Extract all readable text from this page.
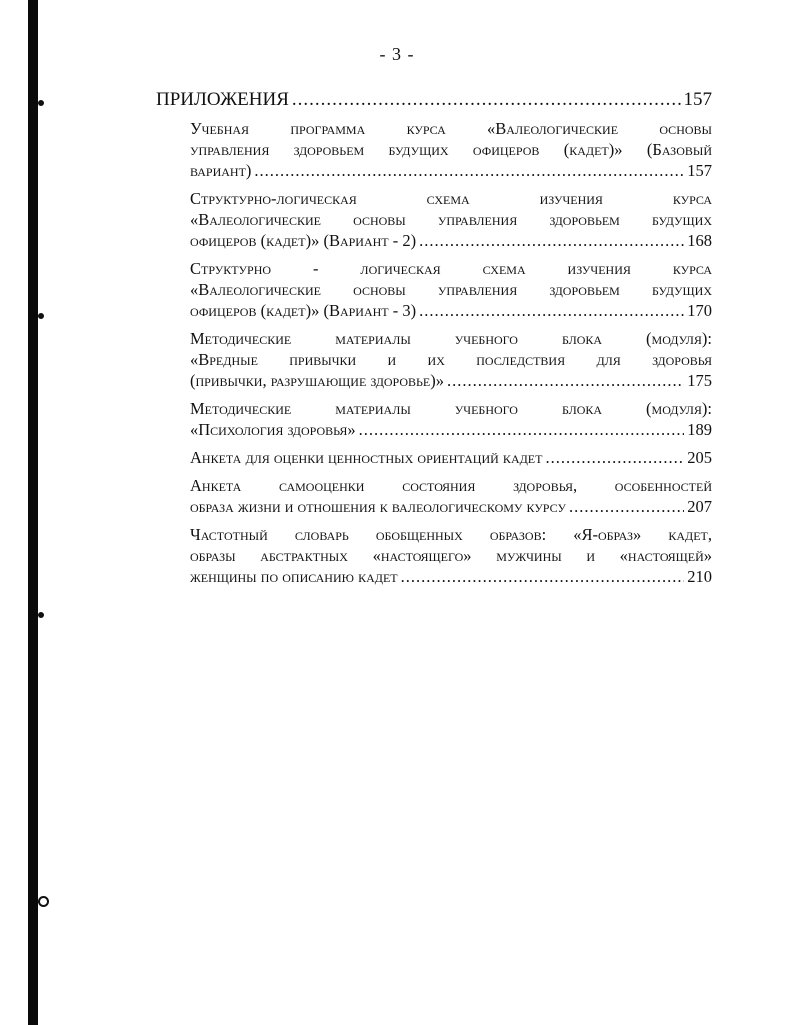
- 3 -
ПРИЛОЖЕНИЯ .....	157
Учебная программа курса «Валеологические основы
управления здоровьем будущих офицеров (кадет)» (Базовый
вариант) .....	157
Структурно-логическая схема изучения курса
«Валеологические основы управления здоровьем будущих
офицеров (кадет)» (Вариант - 2) .....	168
Структурно - логическая схема изучения курса
«Валеологические основы управления здоровьем будущих
офицеров (кадет)» (Вариант - 3) .....	170
Методические материалы учебного блока (модуля):
«Вредные привычки и их последствия для здоровья
(привычки, разрушающие здоровье)» .....	175
Методические материалы учебного блока (модуля):
«Психология здоровья» .....	189
Анкета для оценки ценностных ориентаций кадет .....	205
Анкета самооценки состояния здоровья, особенностей
образа жизни и отношения к валеологическому курсу .....	207
Частотный словарь обобщенных образов: «Я-образ» кадет,
образы абстрактных «настоящего» мужчины и «настоящей»
женщины по описанию кадет .....	210
